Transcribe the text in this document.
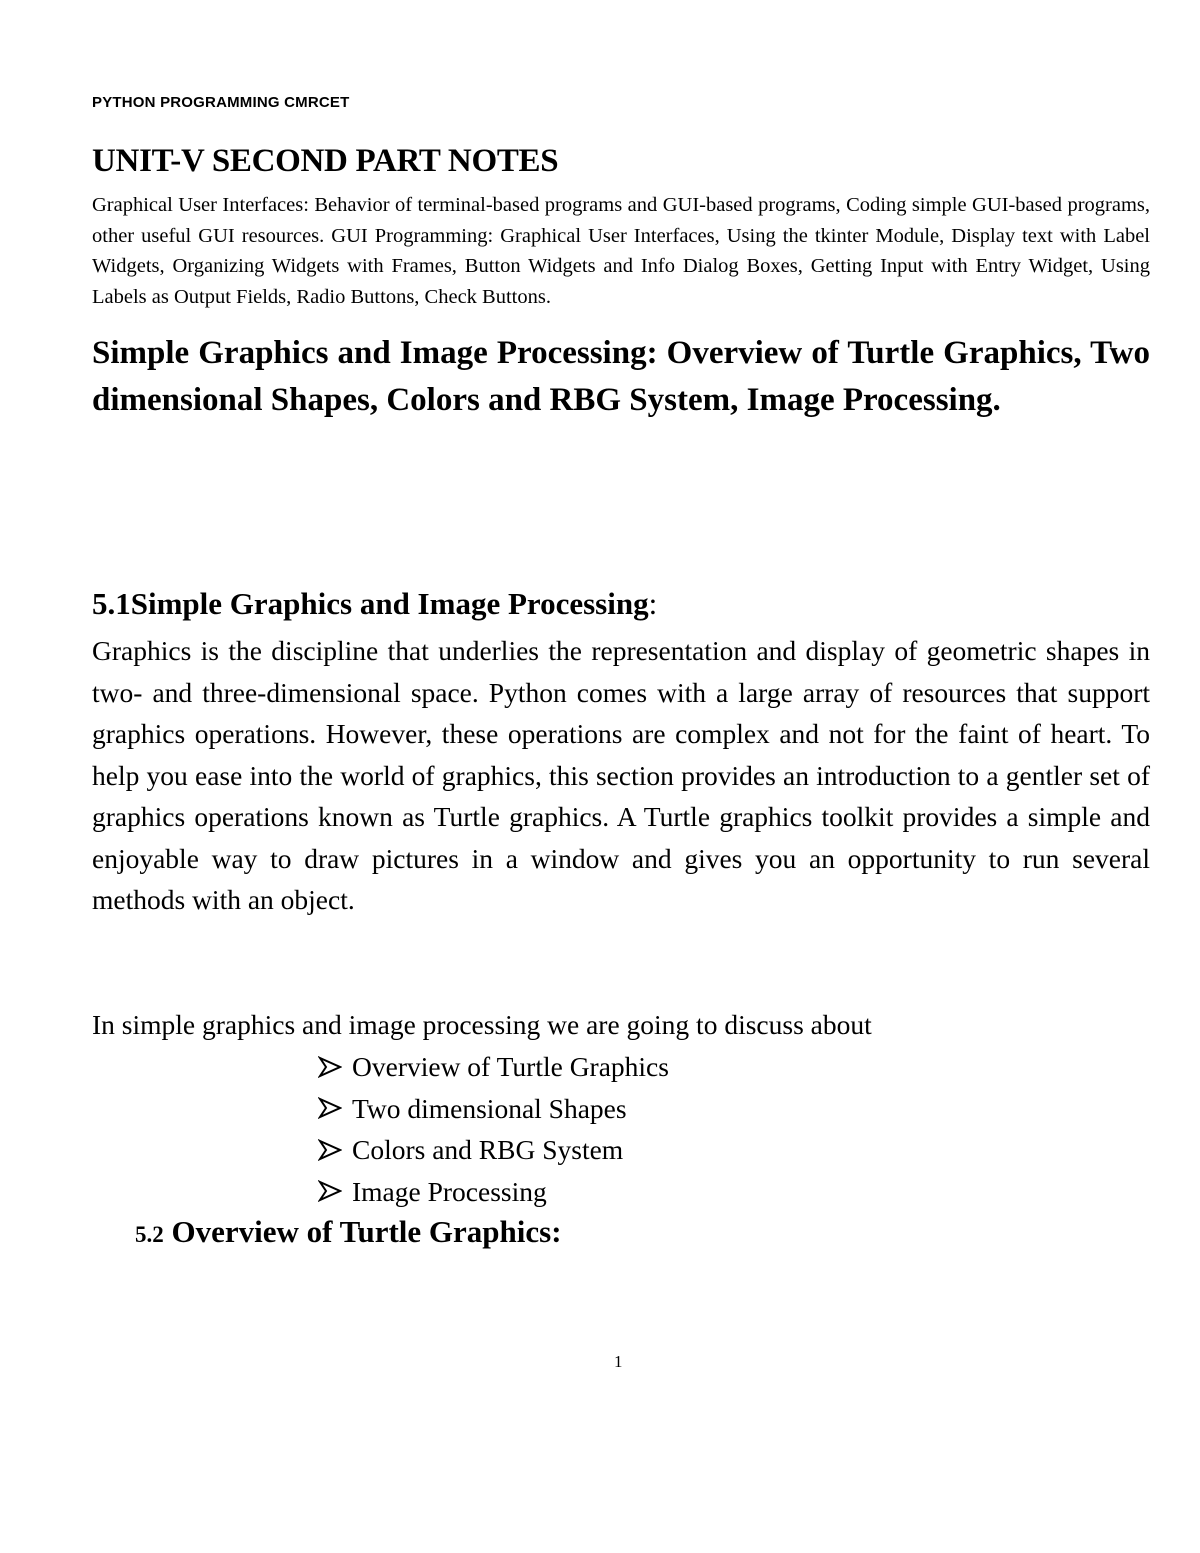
PYTHON PROGRAMMING CMRCET
UNIT-V SECOND PART NOTES
Graphical User Interfaces: Behavior of terminal-based programs and GUI-based programs, Coding simple GUI-based programs, other useful GUI resources. GUI Programming: Graphical User Interfaces, Using the tkinter Module, Display text with Label Widgets, Organizing Widgets with Frames, Button Widgets and Info Dialog Boxes, Getting Input with Entry Widget, Using Labels as Output Fields, Radio Buttons, Check Buttons.
Simple Graphics and Image Processing: Overview of Turtle Graphics, Two dimensional Shapes, Colors and RBG System, Image Processing.
5.1Simple Graphics and Image Processing:
Graphics is the discipline that underlies the representation and display of geometric shapes in two- and three-dimensional space. Python comes with a large array of resources that support graphics operations. However, these operations are complex and not for the faint of heart. To help you ease into the world of graphics, this section provides an introduction to a gentler set of graphics operations known as Turtle graphics. A Turtle graphics toolkit provides a simple and enjoyable way to draw pictures in a window and gives you an opportunity to run several methods with an object.
In simple graphics and image processing we are going to discuss about
Overview of Turtle Graphics
Two dimensional Shapes
Colors and RBG System
Image Processing
5.2 Overview of Turtle Graphics:
1
